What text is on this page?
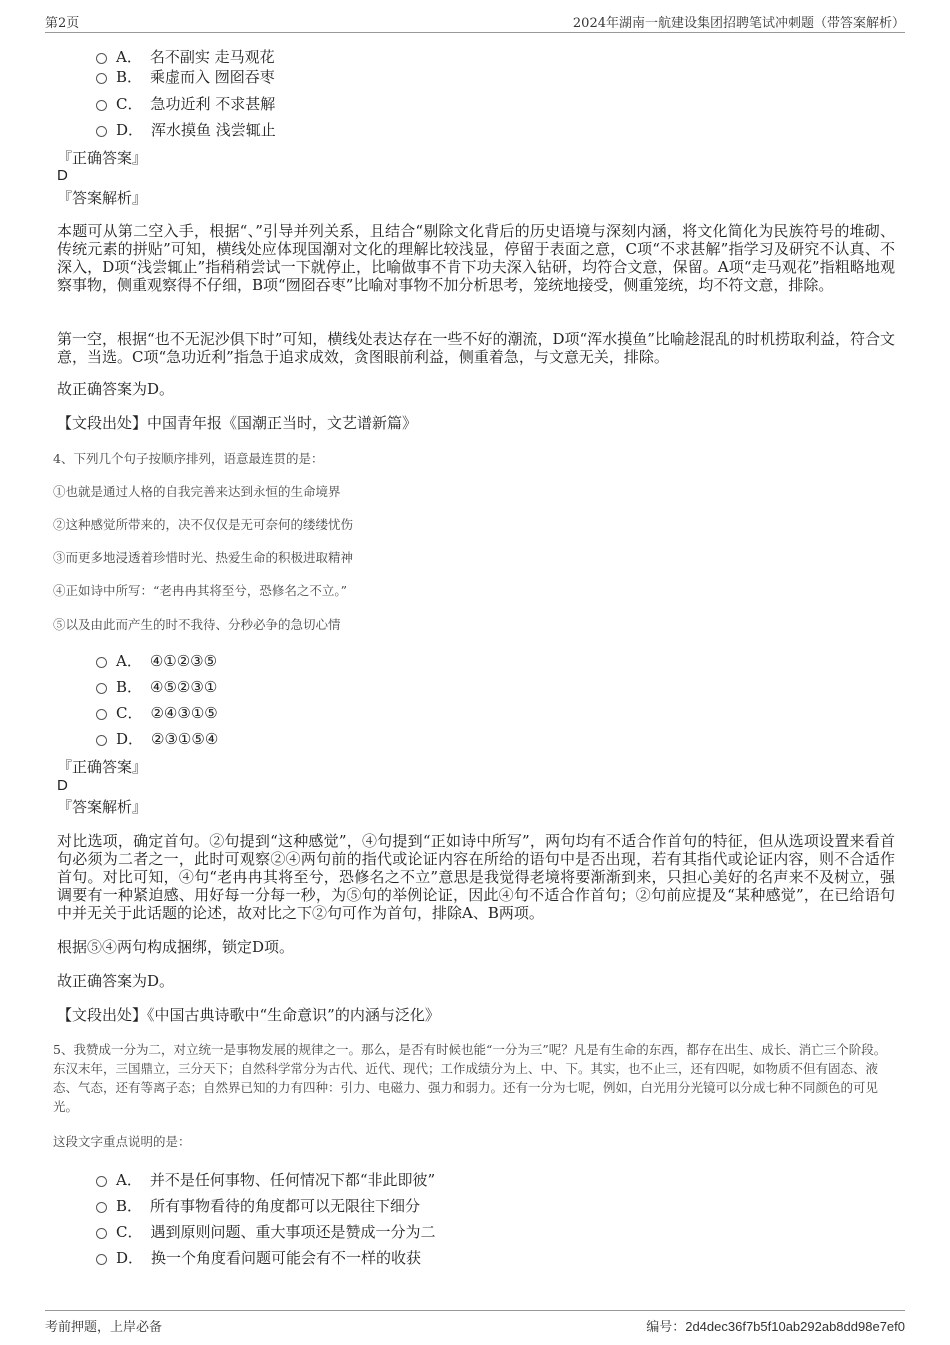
第2页	2024年湖南一航建设集团招聘笔试冲刺题（带答案解析）
A． 名不副实 走马观花
B． 乘虚而入 囫囵吞枣
C． 急功近利 不求甚解
D． 浑水摸鱼 浅尝辄止
『正确答案』
D
『答案解析』
本题可从第二空入手，根据“、”引导并列关系，且结合“剔除文化背后的历史语境与深刻内涵，将文化简化为民族符号的堆砌、传统元素的拼贴”可知，横线处应体现国潮对文化的理解比较浅显，停留于表面之意，C项“不求甚解”指学习及研究不认真、不深入，D项“浅尝辄止”指稍稍尝试一下就停止，比喻做事不肯下功夫深入钻研，均符合文意，保留。A项“走马观花”指粗略地观察事物，侧重观察得不仔细，B项“囫囵吞枣”比喻对事物不加分析思考，笼统地接受，侧重笼统，均不符文意，排除。
第一空，根据“也不无泥沙俱下时”可知，横线处表达存在一些不好的潮流，D项“浑水摸鱼”比喻趁混乱的时机捞取利益，符合文意，当选。C项“急功近利”指急于追求成效，贪图眼前利益，侧重着急，与文意无关，排除。
故正确答案为D。
【文段出处】中国青年报《国潮正当时，文艺谱新篇》
4、下列几个句子按顺序排列，语意最连贯的是：
①也就是通过人格的自我完善来达到永恒的生命境界
②这种感觉所带来的，决不仅仅是无可奈何的缕缕忧伤
③而更多地浸透着珍惜时光、热爱生命的积极进取精神
④正如诗中所写：“老冉冉其将至兮，恐修名之不立。”
⑤以及由此而产生的时不我待、分秒必争的急切心情
A． ④①②③⑤
B． ④⑤②③①
C． ②④③①⑤
D． ②③①⑤④
『正确答案』
D
『答案解析』
对比选项，确定首句。②句提到“这种感觉”，④句提到“正如诗中所写”，两句均有不适合作首句的特征，但从选项设置来看首句必须为二者之一，此时可观察②④两句前的指代或论证内容在所给的语句中是否出现，若有其指代或论证内容，则不合适作首句。对比可知，④句“老冉冉其将至兮，恐修名之不立”意思是我觉得老境将要渐渐到来，只担心美好的名声来不及树立，强调要有一种紧迫感、用好每一分每一秒，为⑤句的举例论证，因此④句不适合作首句；②句前应提及“某种感觉”，在已给语句中并无关于此话题的论述，故对比之下②句可作为首句，排除A、B两项。
根据⑤④两句构成捆绑，锁定D项。
故正确答案为D。
【文段出处】《中国古典诗歌中“生命意识”的内涵与泛化》
5、我赞成一分为二，对立统一是事物发展的规律之一。那么，是否有时候也能“一分为三”呢？凡是有生命的东西，都存在出生、成长、消亡三个阶段。东汉末年，三国鼎立，三分天下；自然科学常分为古代、近代、现代；工作成绩分为上、中、下。其实，也不止三，还有四呢，如物质不但有固态、液态、气态，还有等离子态；自然界已知的力有四种：引力、电磁力、强力和弱力。还有一分为七呢，例如，白光用分光镜可以分成七种不同颜色的可见光。
这段文字重点说明的是：
A． 并不是任何事物、任何情况下都“非此即彼”
B． 所有事物看待的角度都可以无限往下细分
C． 遇到原则问题、重大事项还是赞成一分为二
D． 换一个角度看问题可能会有不一样的收获
考前押题，上岸必备	编号：2d4dec36f7b5f10ab292ab8dd98e7ef0
